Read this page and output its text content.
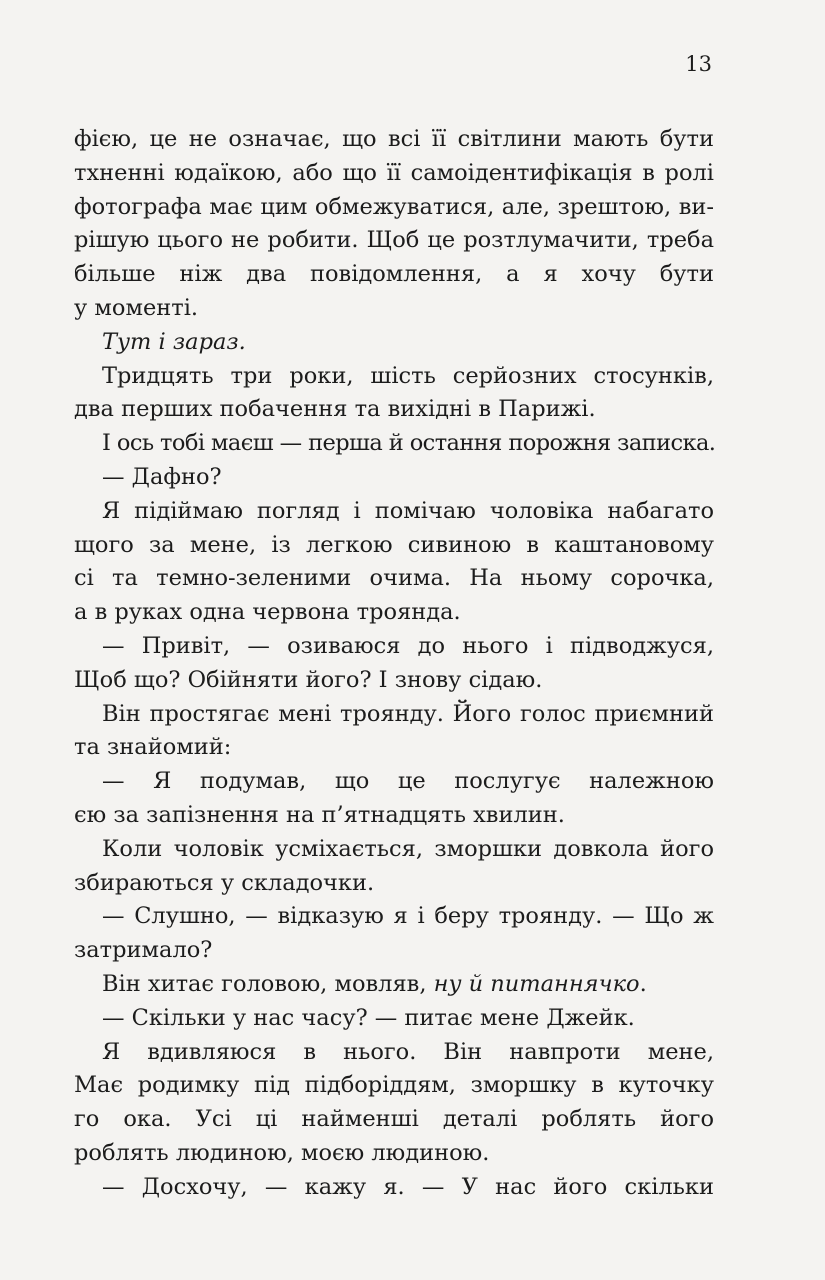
13
фією, це не означає, що всі її світлини мають бути
тхненні юдаїкою, або що її самоідентифікація в ролі
фотографа має цим обмежуватися, але, зрештою, ви-
рішую цього не робити. Щоб це розтлумачити, треба
більше ніж два повідомлення, а я хочу бути
у моменті.
Тут і зараз.
Тридцять три роки, шість серйозних стосунків,
два перших побачення та вихідні в Парижі.
І ось тобі маєш — перша й остання порожня записка.
— Дафно?
Я підіймаю погляд і помічаю чоловіка набагато
щого за мене, із легкою сивиною в каштановому
сі та темно-зеленими очима. На ньому сорочка,
а в руках одна червона троянда.
— Привіт, — озиваюся до нього і підводжуся,
Щоб що? Обійняти його? І знову сідаю.
Він простягає мені троянду. Його голос приємний
та знайомий:
— Я подумав, що це послугує належною
єю за запізнення на п’ятнадцять хвилин.
Коли чоловік усміхається, зморшки довкола його
збираються у складочки.
— Слушно, — відказую я і беру троянду. — Що ж
затримало?
Він хитає головою, мовляв, ну й питаннячко.
— Скільки у нас часу? — питає мене Джейк.
Я вдивляюся в нього. Він навпроти мене,
Має родимку під підборіддям, зморшку в куточку
го ока. Усі ці найменші деталі роблять його
роблять людиною, моєю людиною.
— Досхочу, — кажу я. — У нас його скільки
